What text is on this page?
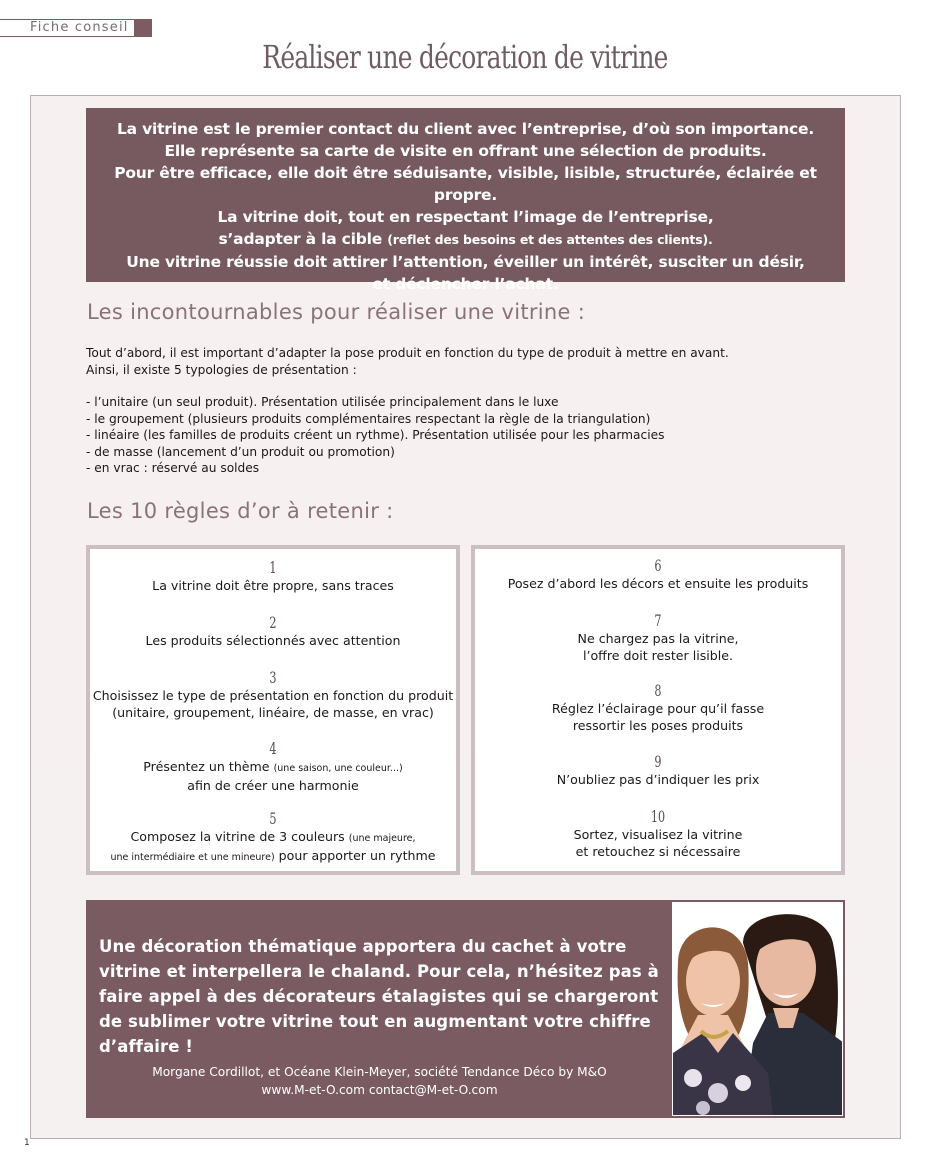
Fiche conseil
Réaliser une décoration de vitrine
La vitrine est le premier contact du client avec l’entreprise, d’où son importance.
Elle représente sa carte de visite en offrant une sélection de produits.
Pour être efficace, elle doit être séduisante, visible, lisible, structurée, éclairée et propre.
La vitrine doit, tout en respectant l’image de l’entreprise,
s’adapter à la cible (reflet des besoins et des attentes des clients).
Une vitrine réussie doit attirer l’attention, éveiller un intérêt, susciter un désir,
et déclencher l’achat.
Les incontournables pour réaliser une vitrine :
Tout d’abord, il est important d’adapter la pose produit en fonction du type de produit à mettre en avant.
Ainsi, il existe 5 typologies de présentation :
- l’unitaire (un seul produit). Présentation utilisée principalement dans le luxe
- le groupement (plusieurs produits complémentaires respectant la règle de la triangulation)
- linéaire (les familles de produits créent un rythme). Présentation utilisée pour les pharmacies
- de masse (lancement d’un produit ou promotion)
- en vrac : réservé au soldes
Les 10 règles d’or à retenir :
1
La vitrine doit être propre, sans traces
2
Les produits sélectionnés avec attention
3
Choisissez le type de présentation en fonction du produit
(unitaire, groupement, linéaire, de masse, en vrac)
4
Présentez un thème (une saison, une couleur...)
afin de créer une harmonie
5
Composez la vitrine de 3 couleurs (une majeure,
une intermédiaire et une mineure) pour apporter un rythme
6
Posez d’abord les décors et ensuite les produits
7
Ne chargez pas la vitrine,
l’offre doit rester lisible.
8
Réglez l’éclairage pour qu’il fasse
ressortir les poses produits
9
N’oubliez pas d’indiquer les prix
10
Sortez, visualisez la vitrine
et retouchez si nécessaire
Une décoration thématique apportera du cachet à votre vitrine et interpellera le chaland. Pour cela, n’hésitez pas à faire appel à des décorateurs étalagistes qui se chargeront de sublimer votre vitrine tout en augmentant votre chiffre d’affaire !
Morgane Cordillot, et Océane Klein-Meyer, société Tendance Déco by M&O
www.M-et-O.com contact@M-et-O.com
1
